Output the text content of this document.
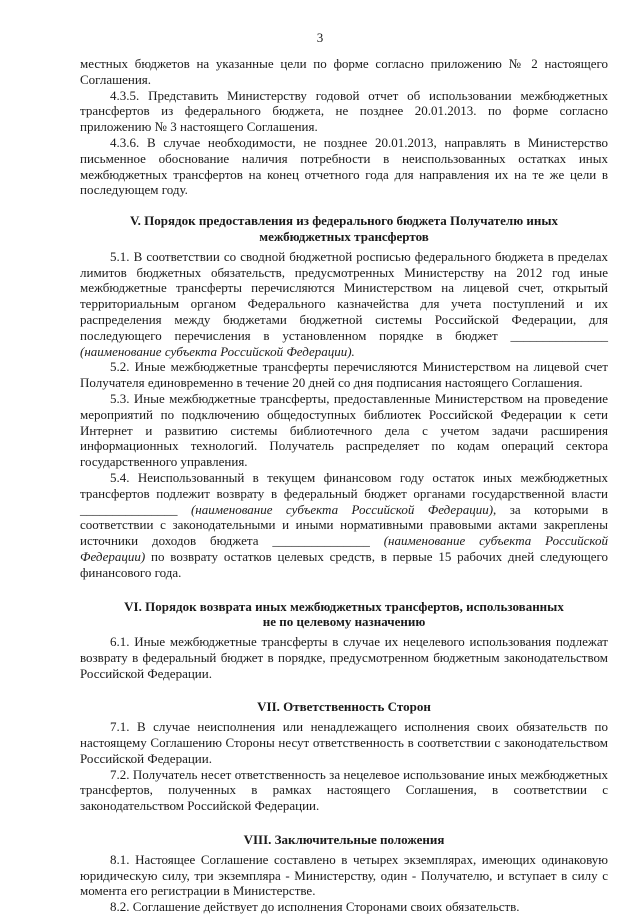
3

местных бюджетов на указанные цели по форме согласно приложению № 2 настоящего Соглашения.

4.3.5. Представить Министерству годовой отчет об использовании межбюджетных трансфертов из федерального бюджета, не позднее 20.01.2013. по форме согласно приложению № 3 настоящего Соглашения.

4.3.6. В случае необходимости, не позднее 20.01.2013, направлять в Министерство письменное обоснование наличия потребности в неиспользованных остатках иных межбюджетных трансфертов на конец отчетного года для направления их на те же цели в последующем году.

V. Порядок предоставления из федерального бюджета Получателю иных межбюджетных трансфертов

5.1. В соответствии со сводной бюджетной росписью федерального бюджета в пределах лимитов бюджетных обязательств, предусмотренных Министерству на 2012 год иные межбюджетные трансферты перечисляются Министерством на лицевой счет, открытый территориальным органом Федерального казначейства для учета поступлений и их распределения между бюджетами бюджетной системы Российской Федерации, для последующего перечисления в установленном порядке в бюджет _______________ (наименование субъекта Российской Федерации).

5.2. Иные межбюджетные трансферты перечисляются Министерством на лицевой счет Получателя единовременно в течение 20 дней со дня подписания настоящего Соглашения.

5.3. Иные межбюджетные трансферты, предоставленные Министерством на проведение мероприятий по подключению общедоступных библиотек Российской Федерации к сети Интернет и развитию системы библиотечного дела с учетом задачи расширения информационных технологий. Получатель распределяет по кодам операций сектора государственного управления.

5.4. Неиспользованный в текущем финансовом году остаток иных межбюджетных трансфертов подлежит возврату в федеральный бюджет органами государственной власти _______________ (наименование субъекта Российской Федерации), за которыми в соответствии с законодательными и иными нормативными правовыми актами закреплены источники доходов бюджета _______________ (наименование субъекта Российской Федерации) по возврату остатков целевых средств, в первые 15 рабочих дней следующего финансового года.

VI. Порядок возврата иных межбюджетных трансфертов, использованных не по целевому назначению

6.1. Иные межбюджетные трансферты в случае их нецелевого использования подлежат возврату в федеральный бюджет в порядке, предусмотренном бюджетным законодательством Российской Федерации.

VII. Ответственность Сторон

7.1. В случае неисполнения или ненадлежащего исполнения своих обязательств по настоящему Соглашению Стороны несут ответственность в соответствии с законодательством Российской Федерации.

7.2. Получатель несет ответственность за нецелевое использование иных межбюджетных трансфертов, полученных в рамках настоящего Соглашения, в соответствии с законодательством Российской Федерации.

VIII. Заключительные положения

8.1. Настоящее Соглашение составлено в четырех экземплярах, имеющих одинаковую юридическую силу, три экземпляра - Министерству, один - Получателю, и вступает в силу с момента его регистрации в Министерстве.

8.2. Соглашение действует до исполнения Сторонами своих обязательств.
